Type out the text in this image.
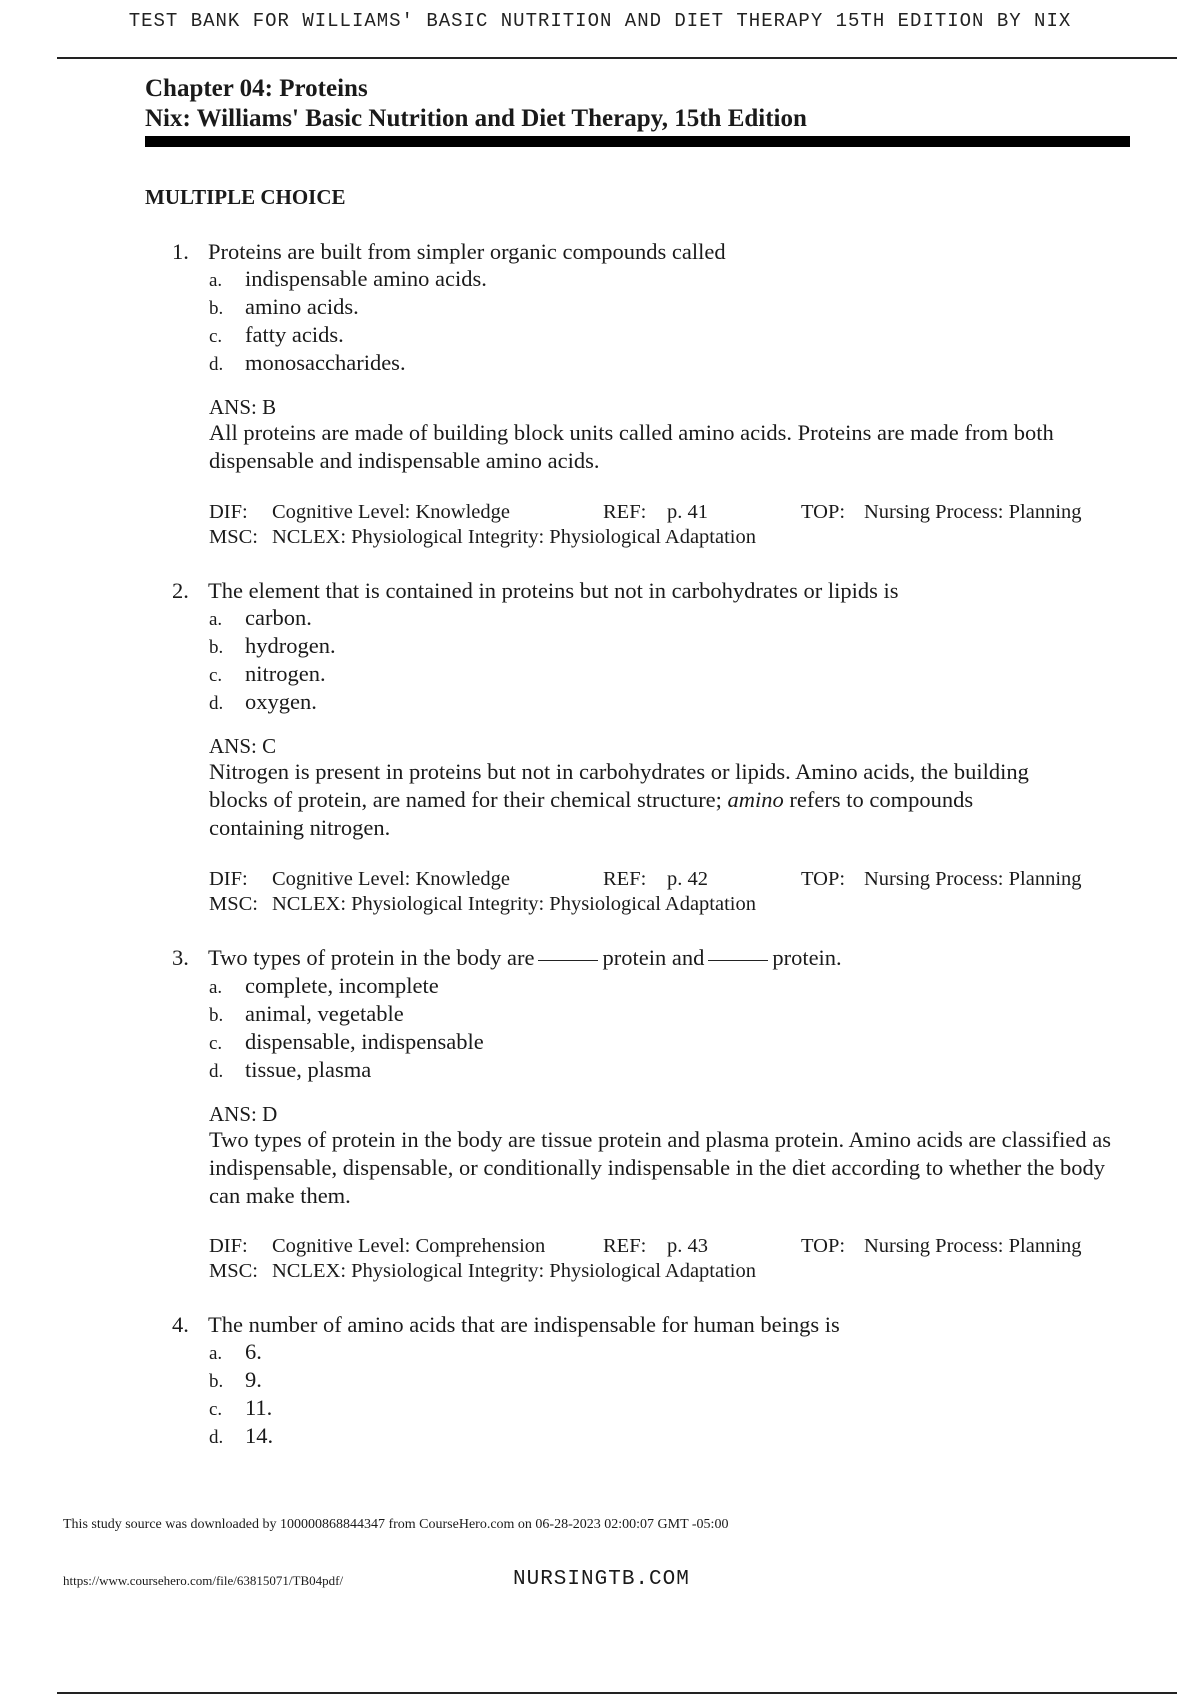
TEST BANK FOR WILLIAMS' BASIC NUTRITION AND DIET THERAPY 15TH EDITION BY NIX
Chapter 04: Proteins
Nix: Williams' Basic Nutrition and Diet Therapy, 15th Edition
MULTIPLE CHOICE
1. Proteins are built from simpler organic compounds called
a. indispensable amino acids.
b. amino acids.
c. fatty acids.
d. monosaccharides.
ANS: B
All proteins are made of building block units called amino acids. Proteins are made from both dispensable and indispensable amino acids.
DIF: Cognitive Level: Knowledge	REF: p. 41	TOP: Nursing Process: Planning
MSC: NCLEX: Physiological Integrity: Physiological Adaptation
2. The element that is contained in proteins but not in carbohydrates or lipids is
a. carbon.
b. hydrogen.
c. nitrogen.
d. oxygen.
ANS: C
Nitrogen is present in proteins but not in carbohydrates or lipids. Amino acids, the building
blocks of protein, are named for their chemical structure; amino refers to compounds
containing nitrogen.
DIF: Cognitive Level: Knowledge	REF: p. 42	TOP: Nursing Process: Planning
MSC: NCLEX: Physiological Integrity: Physiological Adaptation
3. Two types of protein in the body are	protein and	protein.
a. complete, incomplete
b. animal, vegetable
c. dispensable, indispensable
d. tissue, plasma
ANS: D
Two types of protein in the body are tissue protein and plasma protein. Amino acids are classified as indispensable, dispensable, or conditionally indispensable in the diet according to whether the body can make them.
DIF: Cognitive Level: Comprehension	REF: p. 43	TOP: Nursing Process: Planning
MSC: NCLEX: Physiological Integrity: Physiological Adaptation
4. The number of amino acids that are indispensable for human beings is
a. 6.
b. 9.
c. 11.
d. 14.
This study source was downloaded by 100000868844347 from CourseHero.com on 06-28-2023 02:00:07 GMT -05:00
https://www.coursehero.com/file/63815071/TB04pdf/	NURSINGTB.COM
